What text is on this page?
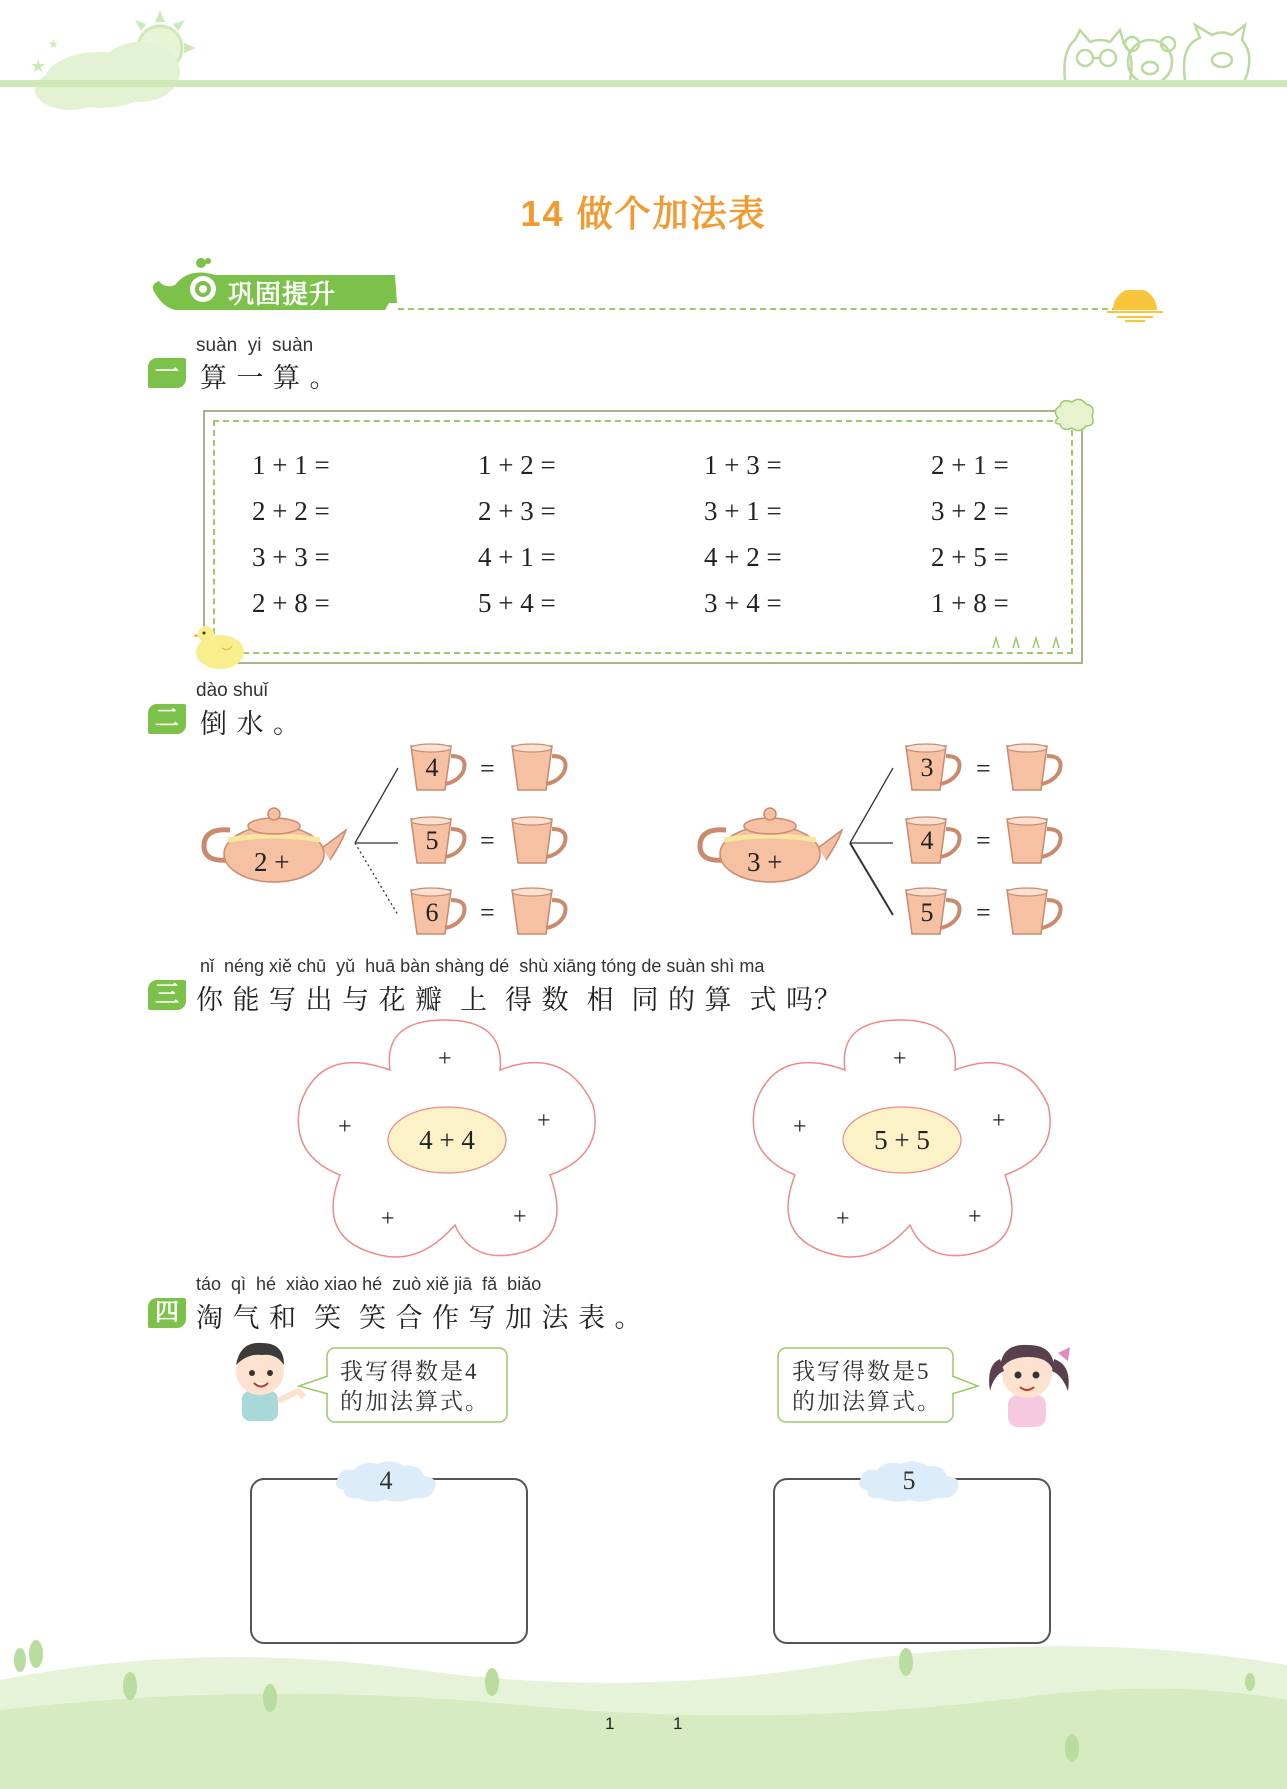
★
★
14 做个加法表
巩固提升
suàn  yi  suàn
一 算 一 算 。
1 + 1 =	1 + 2 =	1 + 3 =	2 + 1 =
2 + 2 =	2 + 3 =	3 + 1 =	3 + 2 =
3 + 3 =	4 + 1 =	4 + 2 =	2 + 5 =
2 + 8 =	5 + 4 =	3 + 4 =	1 + 8 =
dào shuǐ
二 倒 水 。
2 +	3 +
4	=
5	=
6	=
3	=
4	=
5	=
nǐ  néng xiě chū  yǔ  huā bàn shàng dé  shù xiāng tóng de suàn shì ma
三 你 能 写 出 与 花 瓣  上  得 数  相  同 的 算  式 吗？
4 + 4
+
+
+
+	+
5 + 5
+
+
+
+	+
táo  qì  hé  xiào xiao hé  zuò xiě jiā  fǎ  biǎo
四 淘 气 和  笑  笑 合 作 写 加 法 表 。
我写得数是4
的加法算式。
我写得数是5
的加法算式。
4	5
1	1
